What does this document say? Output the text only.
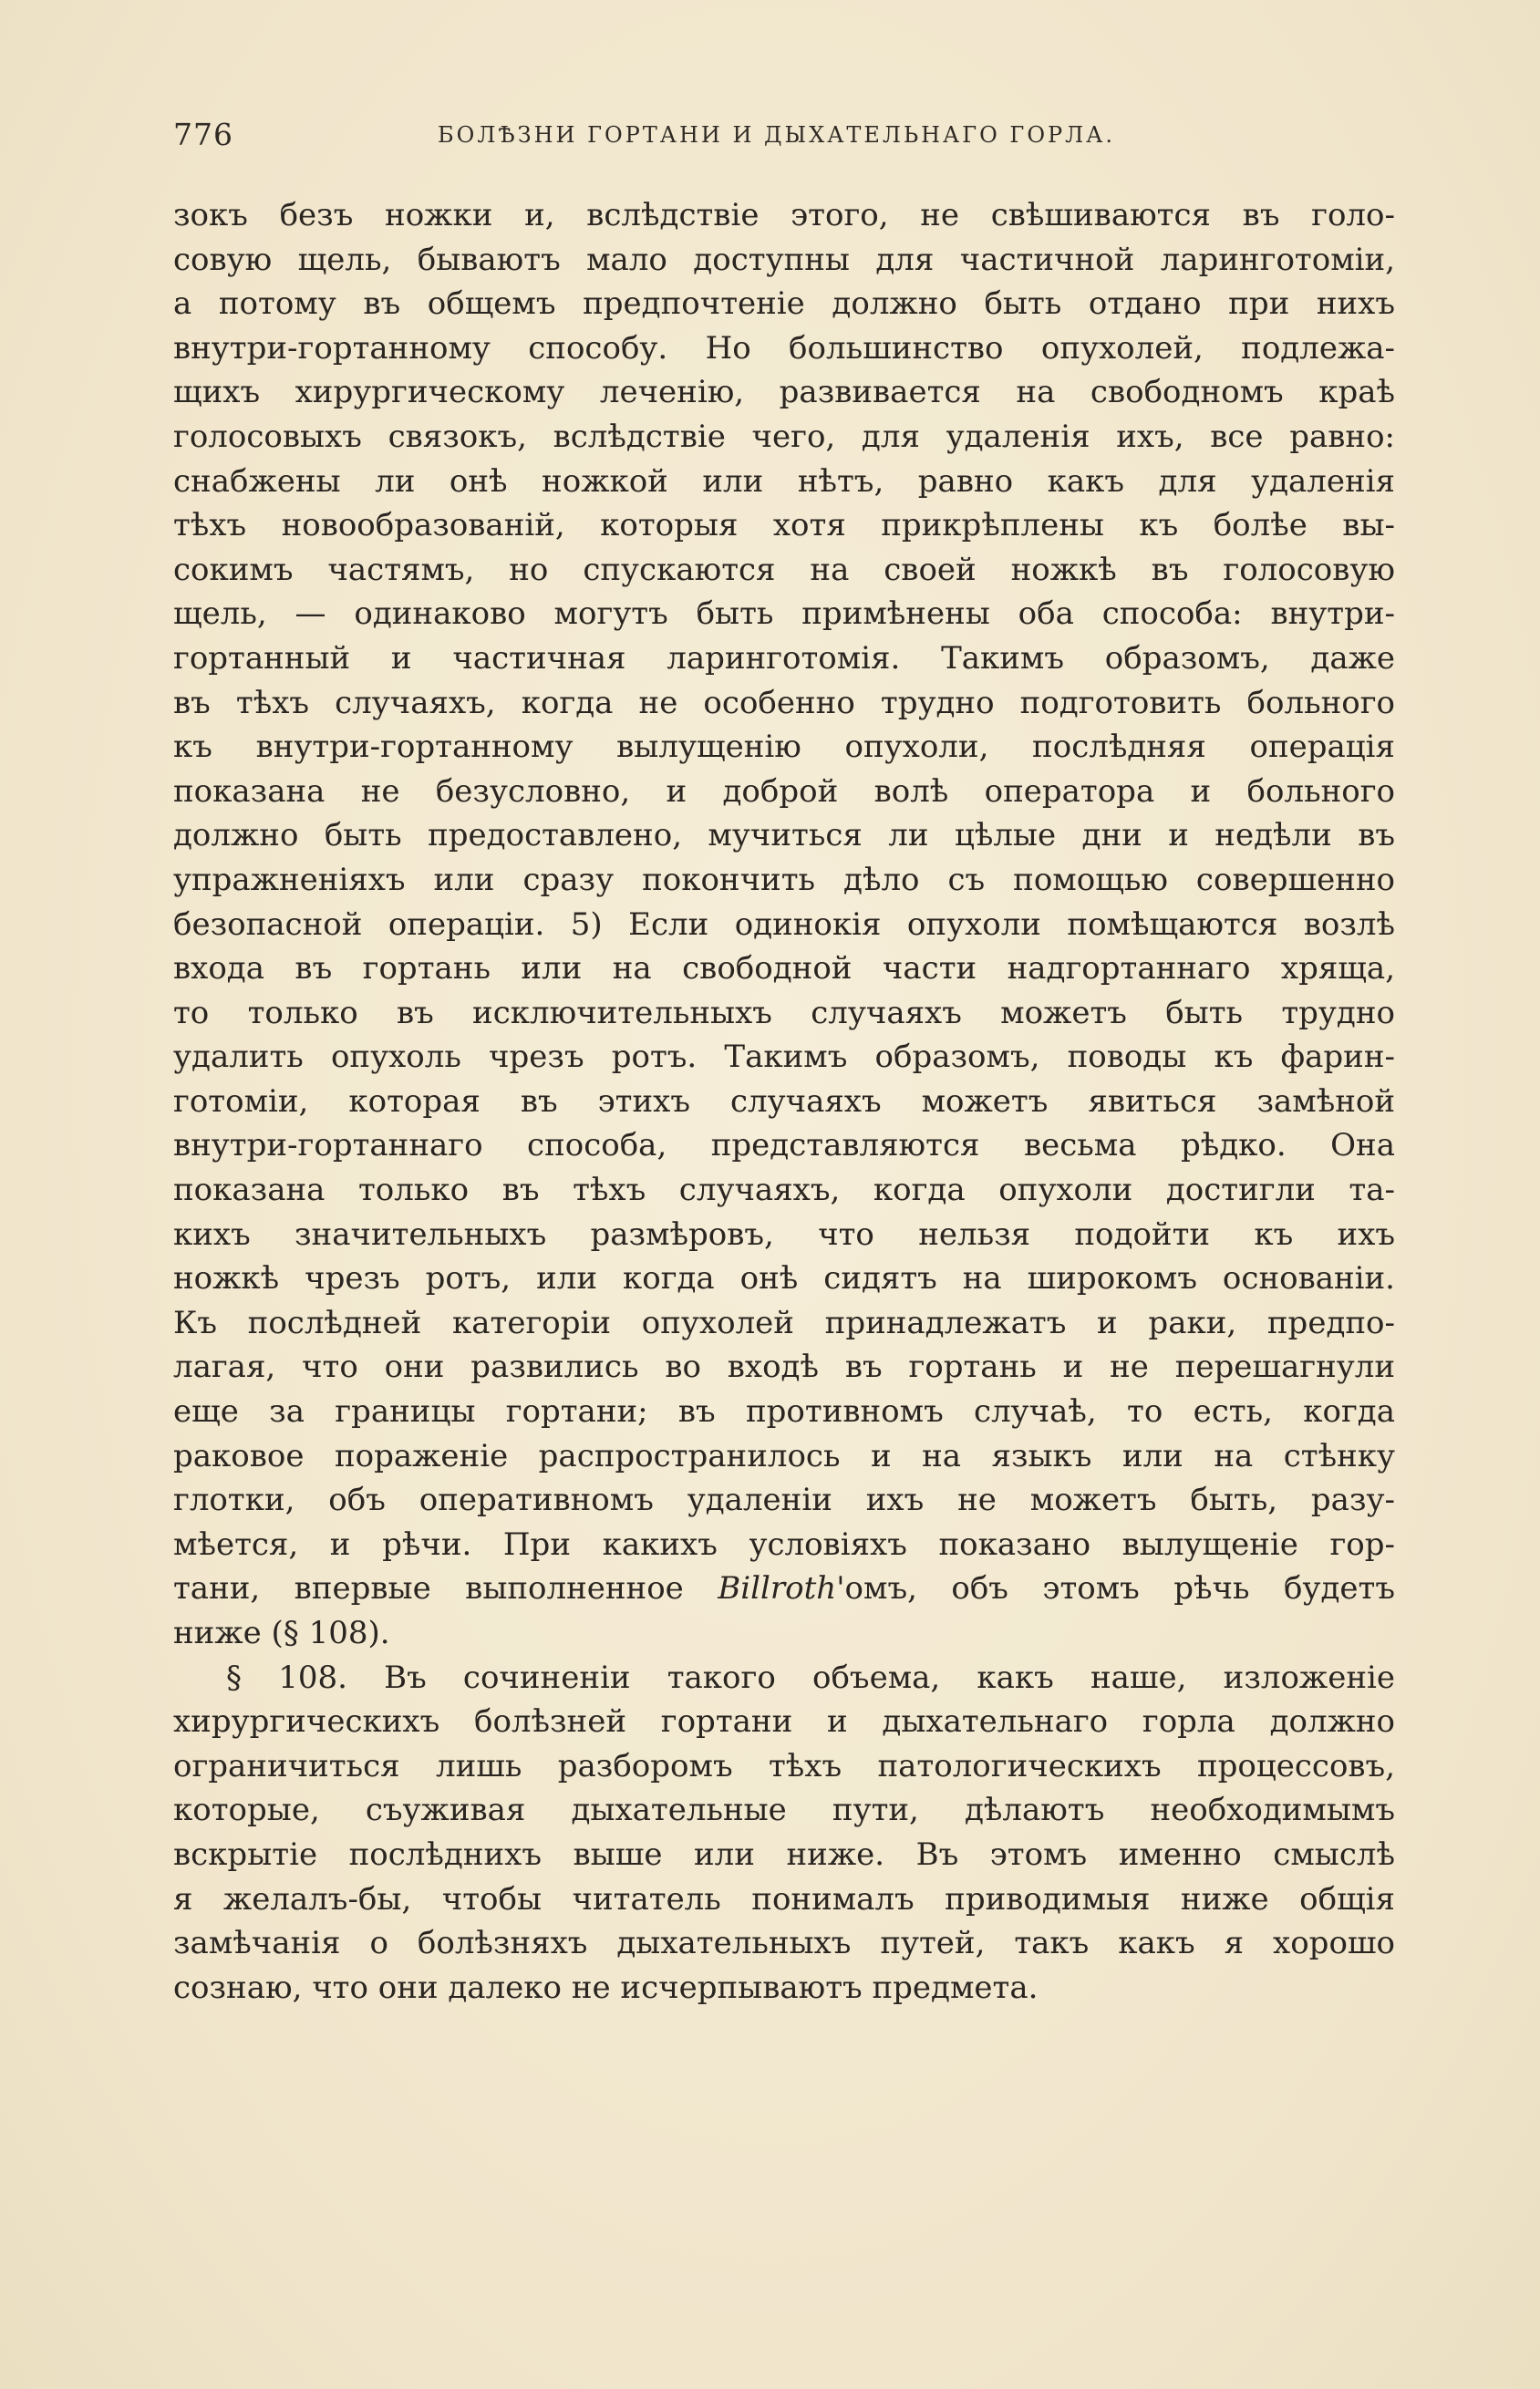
776	БОЛѢЗНИ ГОРТАНИ И ДЫХАТЕЛЬНАГО ГОРЛА.
зокъ безъ ножки и, вслѣдствіе этого, не свѣшиваются въ голо-
совую щель, бываютъ мало доступны для частичной ларинготоміи,
а потому въ общемъ предпочтеніе должно быть отдано при нихъ
внутри-гортанному способу. Но большинство опухолей, подлежа-
щихъ хирургическому леченію, развивается на свободномъ краѣ
голосовыхъ связокъ, вслѣдствіе чего, для удаленія ихъ, все равно:
снабжены ли онѣ ножкой или нѣтъ, равно какъ для удаленія
тѣхъ новообразованій, которыя хотя прикрѣплены къ болѣе вы-
сокимъ частямъ, но спускаются на своей ножкѣ въ голосовую
щель, — одинаково могутъ быть примѣнены оба способа: внутри-
гортанный и частичная ларинготомія. Такимъ образомъ, даже
въ тѣхъ случаяхъ, когда не особенно трудно подготовить больного
къ внутри-гортанному вылущенію опухоли, послѣдняя операція
показана не безусловно, и доброй волѣ оператора и больного
должно быть предоставлено, мучиться ли цѣлые дни и недѣли въ
упражненіяхъ или сразу покончить дѣло съ помощью совершенно
безопасной операціи. 5) Если одинокія опухоли помѣщаются возлѣ
входа въ гортань или на свободной части надгортаннаго хряща,
то только въ исключительныхъ случаяхъ можетъ быть трудно
удалить опухоль чрезъ ротъ. Такимъ образомъ, поводы къ фарин-
готоміи, которая въ этихъ случаяхъ можетъ явиться замѣной
внутри-гортаннаго способа, представляются весьма рѣдко. Она
показана только въ тѣхъ случаяхъ, когда опухоли достигли та-
кихъ значительныхъ размѣровъ, что нельзя подойти къ ихъ
ножкѣ чрезъ ротъ, или когда онѣ сидятъ на широкомъ основаніи.
Къ послѣдней категоріи опухолей принадлежатъ и раки, предпо-
лагая, что они развились во входѣ въ гортань и не перешагнули
еще за границы гортани; въ противномъ случаѣ, то есть, когда
раковое пораженіе распространилось и на языкъ или на стѣнку
глотки, объ оперативномъ удаленіи ихъ не можетъ быть, разу-
мѣется, и рѣчи. При какихъ условіяхъ показано вылущеніе гор-
тани, впервые выполненное Billroth'омъ, объ этомъ рѣчь будетъ
ниже (§ 108).
§ 108. Въ сочиненіи такого объема, какъ наше, изложеніе
хирургическихъ болѣзней гортани и дыхательнаго горла должно
ограничиться лишь разборомъ тѣхъ патологическихъ процессовъ,
которые, съуживая дыхательные пути, дѣлаютъ необходимымъ
вскрытіе послѣднихъ выше или ниже. Въ этомъ именно смыслѣ
я желалъ-бы, чтобы читатель понималъ приводимыя ниже общія
замѣчанія о болѣзняхъ дыхательныхъ путей, такъ какъ я хорошо
сознаю, что они далеко не исчерпываютъ предмета.
